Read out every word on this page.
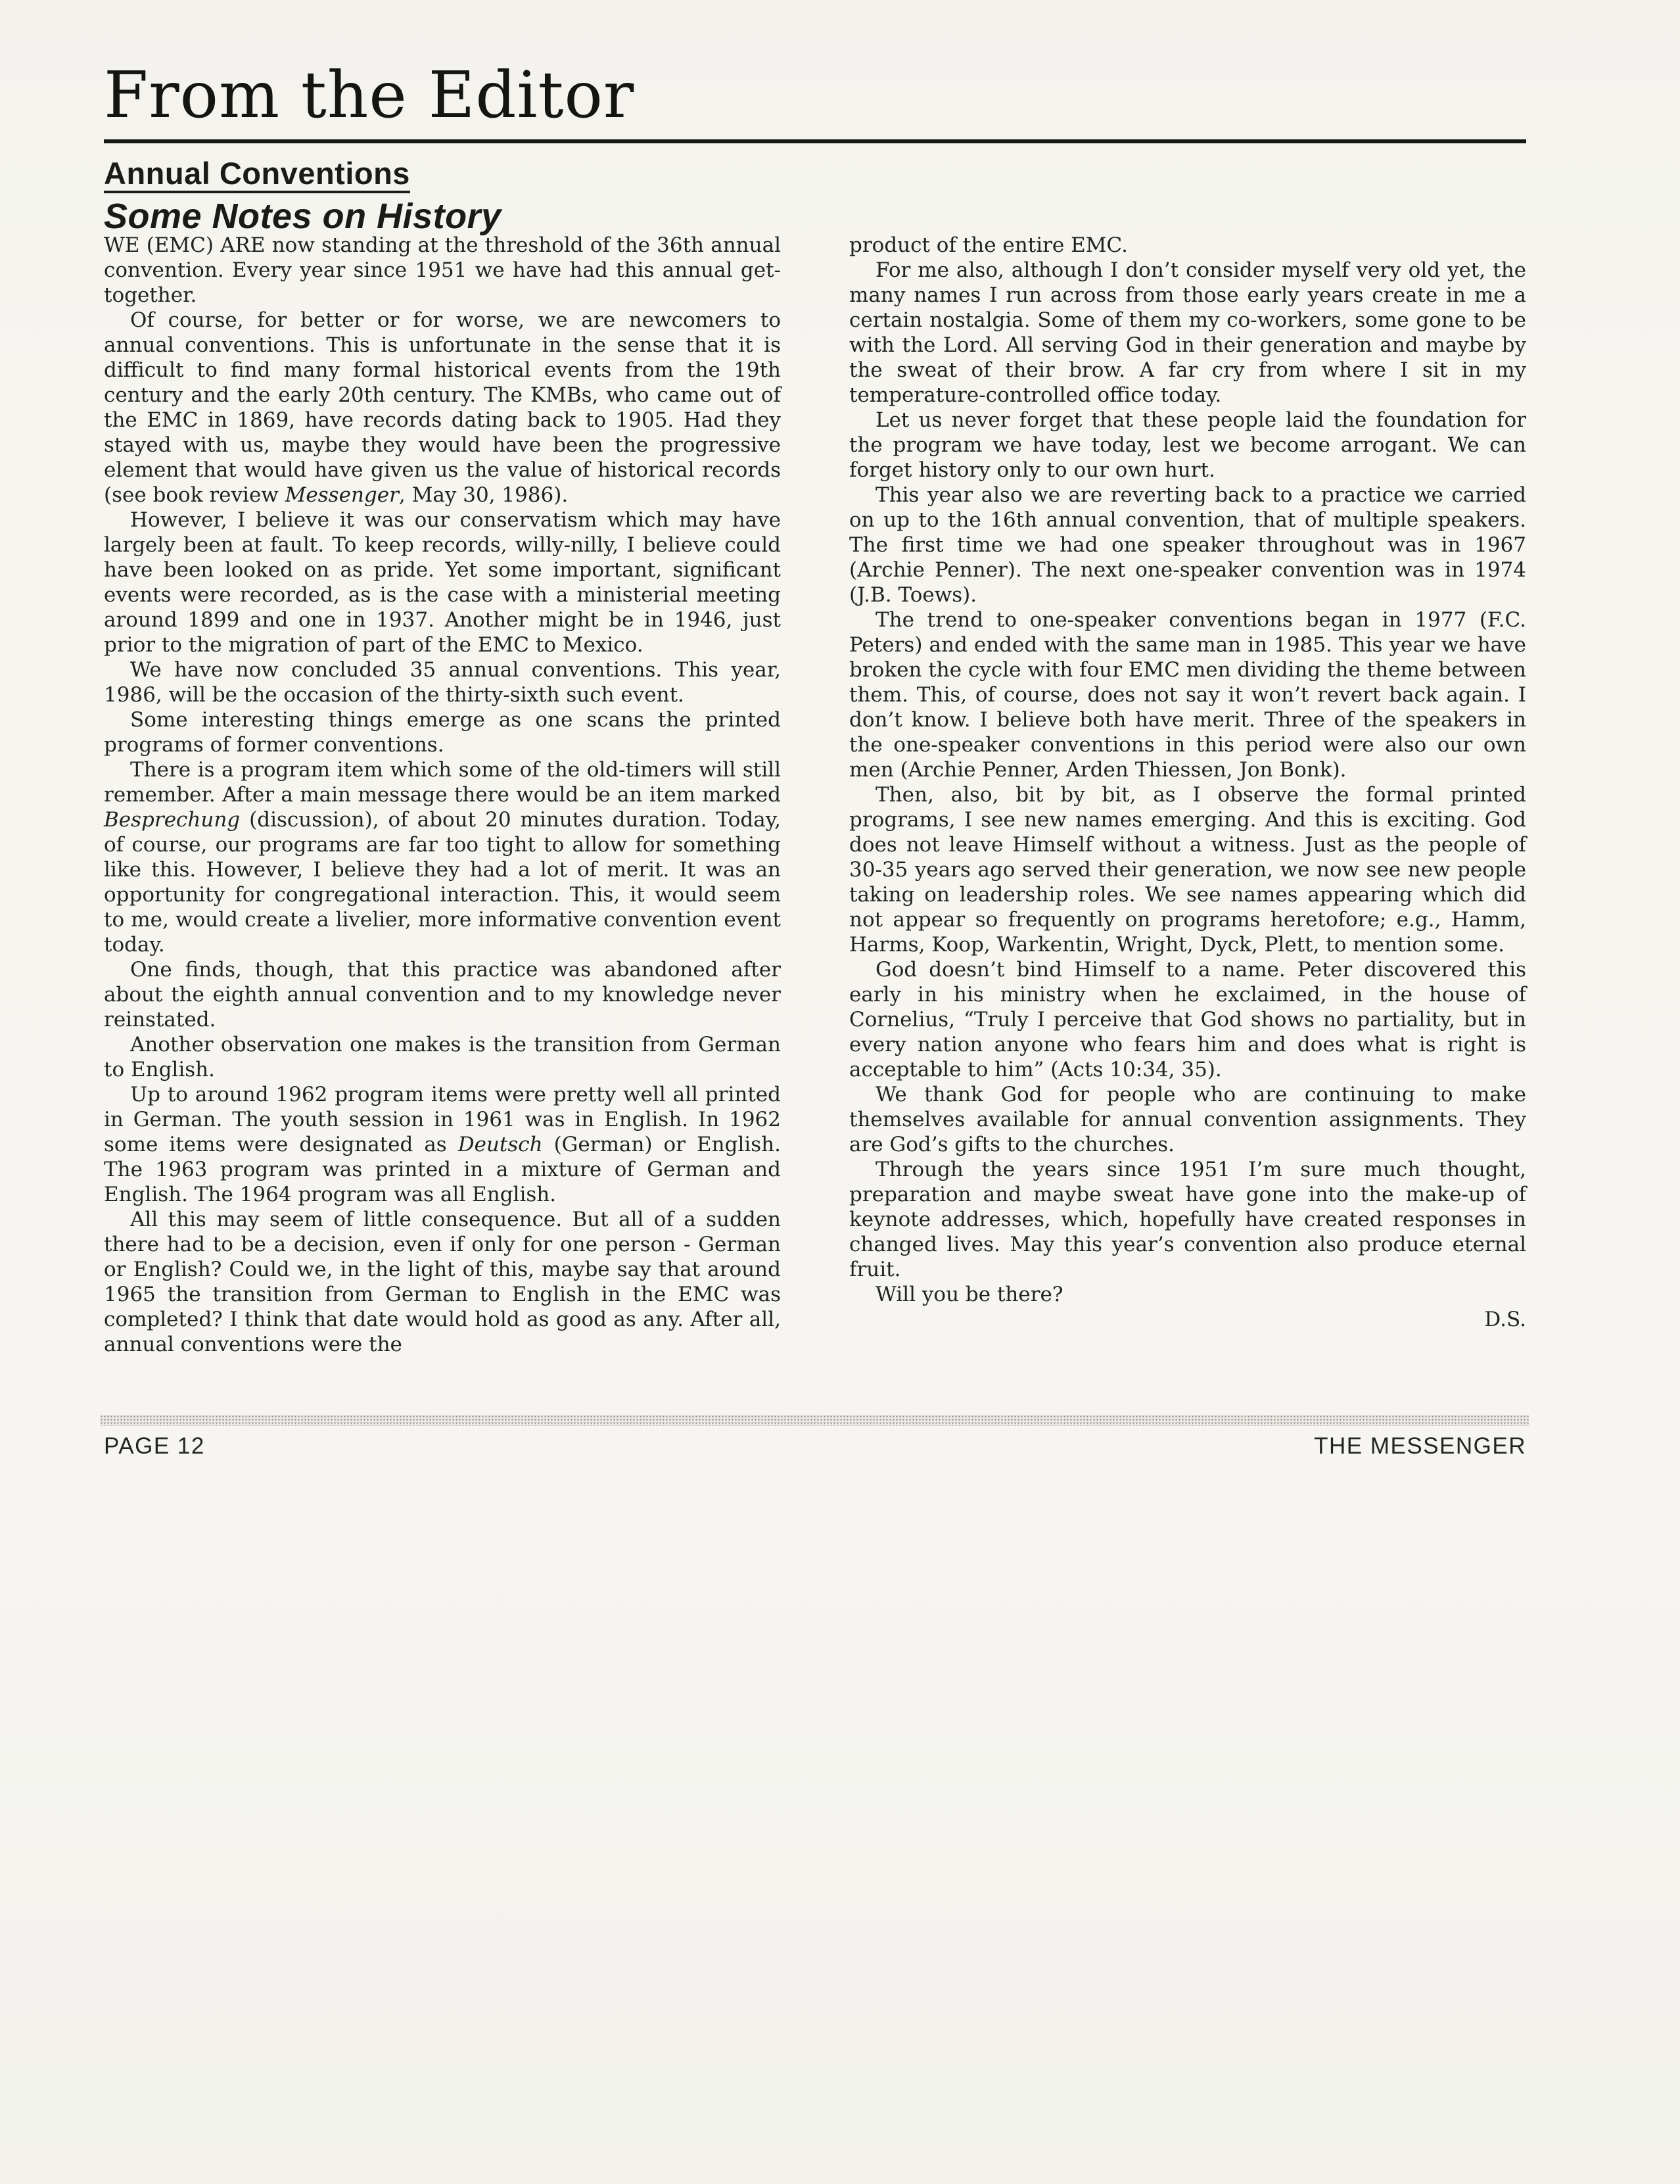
From the Editor
Annual Conventions
Some Notes on History

WE (EMC) ARE now standing at the threshold of the 36th annual convention. Every year since 1951 we have had this annual get-together.

Of course, for better or for worse, we are newcomers to annual conventions. This is unfortunate in the sense that it is difficult to find many formal historical events from the 19th century and the early 20th century. The KMBs, who came out of the EMC in 1869, have records dating back to 1905. Had they stayed with us, maybe they would have been the progressive element that would have given us the value of historical records (see book review Messenger, May 30, 1986).

However, I believe it was our conservatism which may have largely been at fault. To keep records, willy-nilly, I believe could have been looked on as pride. Yet some important, significant events were recorded, as is the case with a ministerial meeting around 1899 and one in 1937. Another might be in 1946, just prior to the migration of part of the EMC to Mexico.

We have now concluded 35 annual conventions. This year, 1986, will be the occasion of the thirty-sixth such event.

Some interesting things emerge as one scans the printed programs of former conventions.

There is a program item which some of the old-timers will still remember. After a main message there would be an item marked Besprechung (discussion), of about 20 minutes duration. Today, of course, our programs are far too tight to allow for something like this. However, I believe they had a lot of merit. It was an opportunity for congregational interaction. This, it would seem to me, would create a livelier, more informative convention event today.

One finds, though, that this practice was abandoned after about the eighth annual convention and to my knowledge never reinstated.

Another observation one makes is the transition from German to English.

Up to around 1962 program items were pretty well all printed in German. The youth session in 1961 was in English. In 1962 some items were designated as Deutsch (German) or English. The 1963 program was printed in a mixture of German and English. The 1964 program was all English.

All this may seem of little consequence. But all of a sudden there had to be a decision, even if only for one person - German or English? Could we, in the light of this, maybe say that around 1965 the transition from German to English in the EMC was completed? I think that date would hold as good as any. After all, annual conventions were the

product of the entire EMC.

For me also, although I don’t consider myself very old yet, the many names I run across from those early years create in me a certain nostalgia. Some of them my co-workers, some gone to be with the Lord. All serving God in their generation and maybe by the sweat of their brow. A far cry from where I sit in my temperature-controlled office today.

Let us never forget that these people laid the foundation for the program we have today, lest we become arrogant. We can forget history only to our own hurt.

This year also we are reverting back to a practice we carried on up to the 16th annual convention, that of multiple speakers. The first time we had one speaker throughout was in 1967 (Archie Penner). The next one-speaker convention was in 1974 (J.B. Toews).

The trend to one-speaker conventions began in 1977 (F.C. Peters) and ended with the same man in 1985. This year we have broken the cycle with four EMC men dividing the theme between them. This, of course, does not say it won’t revert back again. I don’t know. I believe both have merit. Three of the speakers in the one-speaker conventions in this period were also our own men (Archie Penner, Arden Thiessen, Jon Bonk).

Then, also, bit by bit, as I observe the formal printed programs, I see new names emerging. And this is exciting. God does not leave Himself without a witness. Just as the people of 30-35 years ago served their generation, we now see new people taking on leadership roles. We see names appearing which did not appear so frequently on programs heretofore; e.g., Hamm, Harms, Koop, Warkentin, Wright, Dyck, Plett, to mention some.

God doesn’t bind Himself to a name. Peter discovered this early in his ministry when he exclaimed, in the house of Cornelius, “Truly I perceive that God shows no partiality, but in every nation anyone who fears him and does what is right is acceptable to him” (Acts 10:34, 35).

We thank God for people who are continuing to make themselves available for annual convention assignments. They are God’s gifts to the churches.

Through the years since 1951 I’m sure much thought, preparation and maybe sweat have gone into the make-up of keynote addresses, which, hopefully have created responses in changed lives. May this year’s convention also produce eternal fruit.

Will you be there?

D.S.

PAGE 12	THE MESSENGER
